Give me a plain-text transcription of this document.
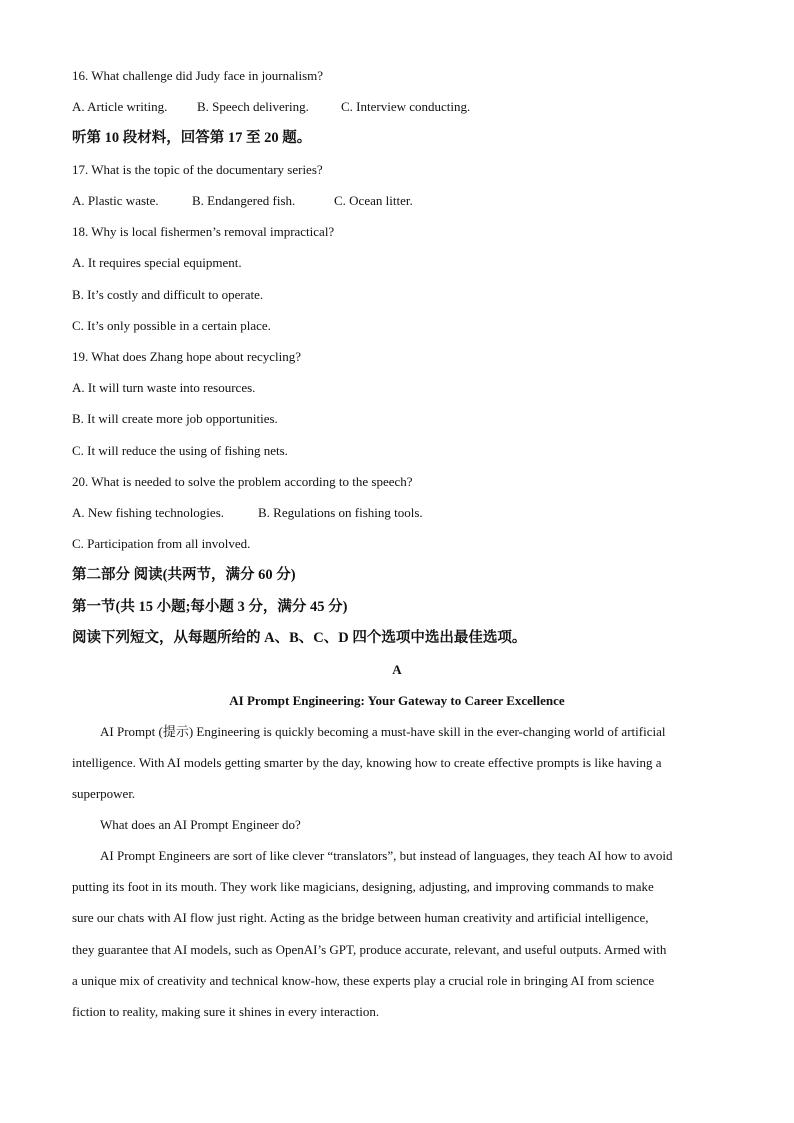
16. What challenge did Judy face in journalism?
A. Article writing. B. Speech delivering. C. Interview conducting.
听第 10 段材料，回答第 17 至 20 题。
17. What is the topic of the documentary series?
A. Plastic waste.	B. Endangered fish.	C. Ocean litter.
18. Why is local fishermen’s removal impractical?
A. It requires special equipment.
B. It’s costly and difficult to operate.
C. It’s only possible in a certain place.
19. What does Zhang hope about recycling?
A. It will turn waste into resources.
B. It will create more job opportunities.
C. It will reduce the using of fishing nets.
20. What is needed to solve the problem according to the speech?
A. New fishing technologies.	B. Regulations on fishing tools.
C. Participation from all involved.
第二部分 阅读(共两节，满分 60 分)
第一节(共 15 小题;每小题 3 分，满分 45 分)
阅读下列短文，从每题所给的 A、B、C、D 四个选项中选出最佳选项。
A
AI Prompt Engineering: Your Gateway to Career Excellence
AI Prompt (提示) Engineering is quickly becoming a must-have skill in the ever-changing world of artificial
intelligence. With AI models getting smarter by the day, knowing how to create effective prompts is like having a
superpower.
What does an AI Prompt Engineer do?
AI Prompt Engineers are sort of like clever “translators”, but instead of languages, they teach AI how to avoid
putting its foot in its mouth. They work like magicians, designing, adjusting, and improving commands to make
sure our chats with AI flow just right. Acting as the bridge between human creativity and artificial intelligence,
they guarantee that AI models, such as OpenAI’s GPT, produce accurate, relevant, and useful outputs. Armed with
a unique mix of creativity and technical know-how, these experts play a crucial role in bringing AI from science
fiction to reality, making sure it shines in every interaction.
